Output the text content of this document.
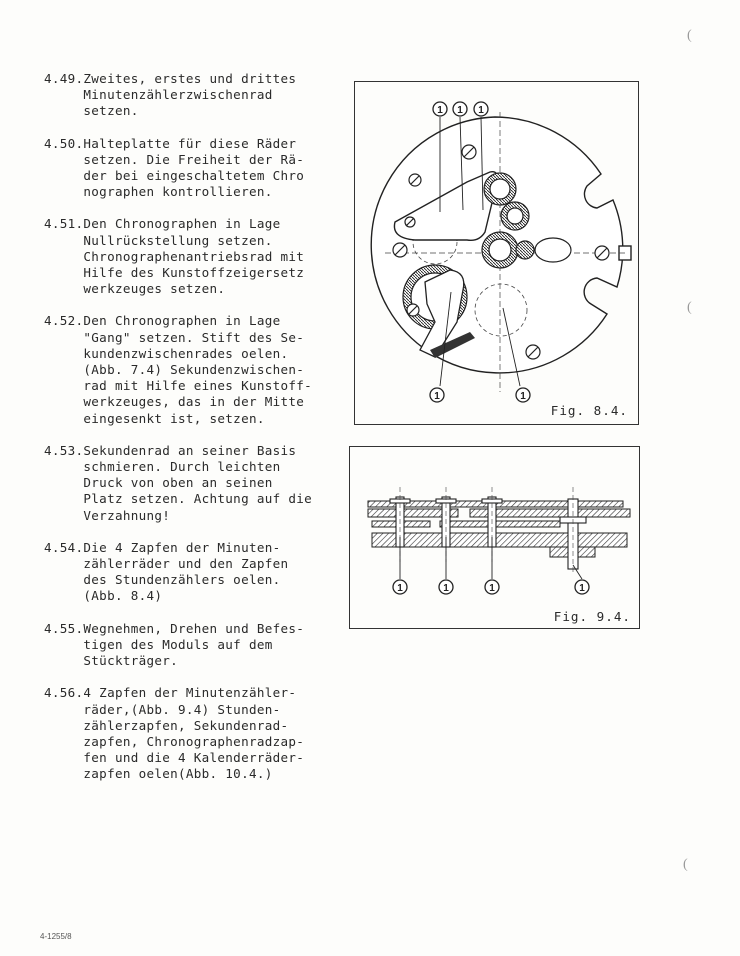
4.49. Zweites, erstes und drittes
Minutenzählerzwischenrad
setzen.
4.50. Halteplatte für diese Räder
setzen. Die Freiheit der Rä-
der bei eingeschaltetem Chro
nographen kontrollieren.
4.51. Den Chronographen in Lage
Nullrückstellung setzen.
Chronographenantriebsrad mit
Hilfe des Kunstoffzeigersetz
werkzeuges setzen.
4.52. Den Chronographen in Lage
"Gang" setzen. Stift des Se-
kundenzwischenrades oelen.
(Abb. 7.4) Sekundenzwischen-
rad mit Hilfe eines Kunstoff-
werkzeuges, das in der Mitte
eingesenkt ist, setzen.
4.53. Sekundenrad an seiner Basis
schmieren. Durch leichten
Druck von oben an seinen
Platz setzen. Achtung auf die
Verzahnung!
4.54. Die 4 Zapfen der Minuten-
zählerräder und den Zapfen
des Stundenzählers oelen.
(Abb. 8.4)
4.55. Wegnehmen, Drehen und Befes-
tigen des Moduls auf dem
Stückträger.
4.56. 4 Zapfen der Minutenzähler-
räder,(Abb. 9.4) Stunden-
zählerzapfen, Sekundenrad-
zapfen, Chronographenradzap-
fen und die 4 Kalenderräder-
zapfen oelen(Abb. 10.4.)
1 1 1
1	1
Fig. 8.4.
1	1	1	1
Fig. 9.4.
4-1255/8
(
(
(
